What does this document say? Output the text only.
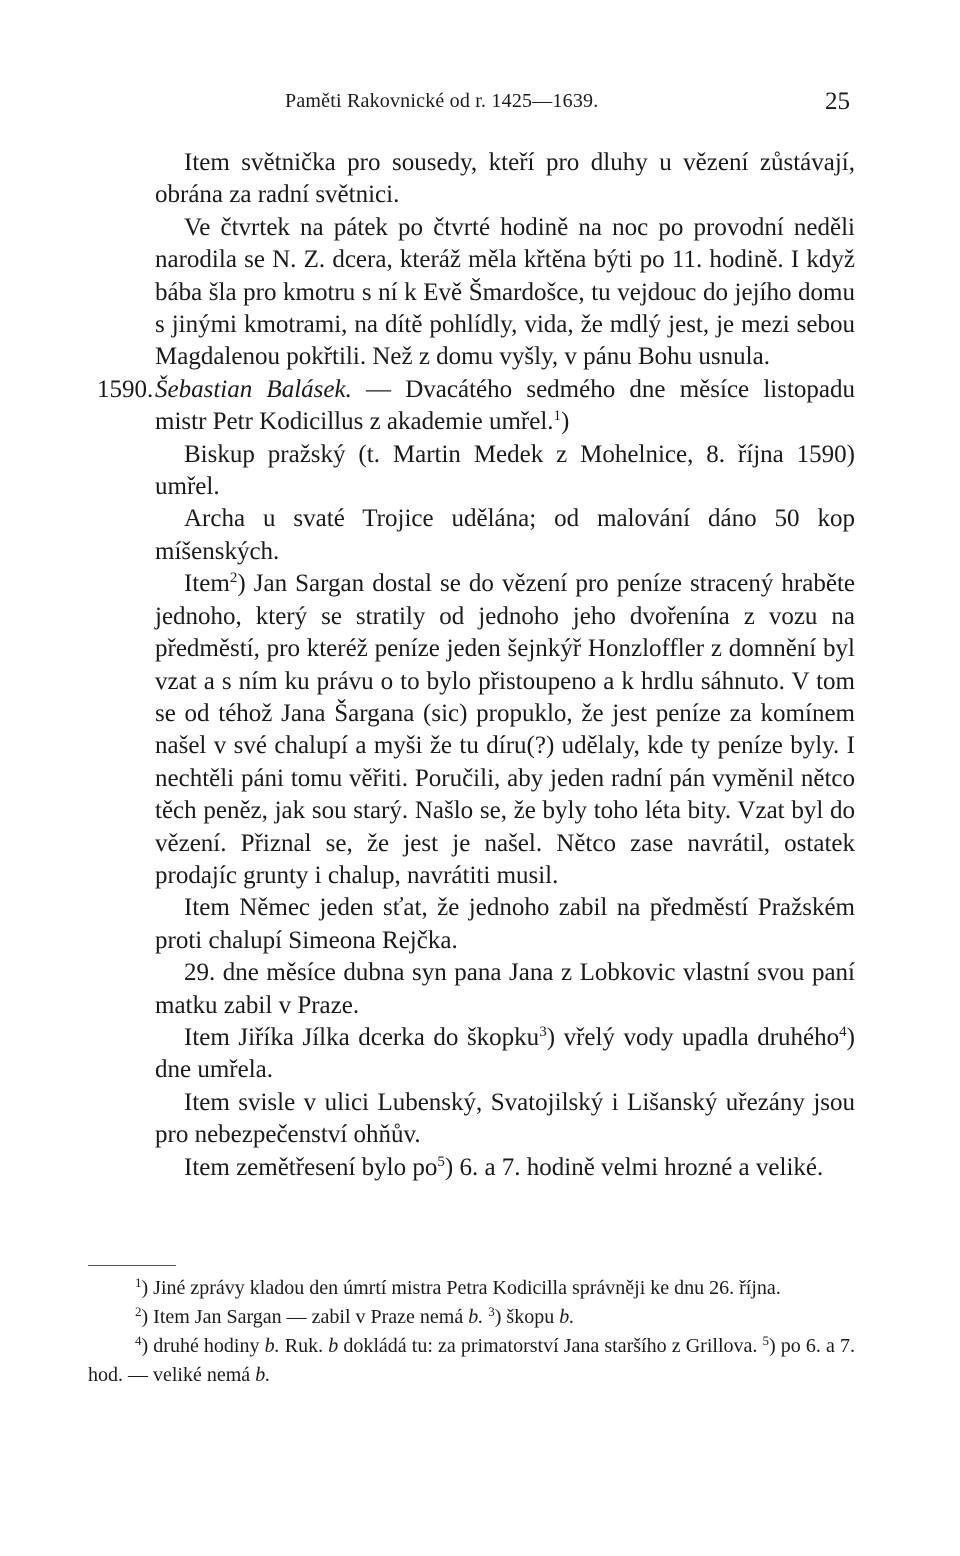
Paměti Rakovnické od r. 1425—1639.	25

Item světnička pro sousedy, kteří pro dluhy u vězení zůstávají, obrána za radní světnici.

Ve čtvrtek na pátek po čtvrté hodině na noc po provodní neděli narodila se N. Z. dcera, kteráž měla křtěna býti po 11. hodině. I když bába šla pro kmotru s ní k Evě Šmardošce, tu vejdouc do jejího domu s jinými kmotrami, na dítě pohlídly, vida, že mdlý jest, je mezi sebou Magdalenou pokřtili. Než z domu vyšly, v pánu Bohu usnula.

1590. Šebastian Balásek. — Dvacátého sedmého dne měsíce listopadu mistr Petr Kodicillus z akademie umřel.$^1$)

Biskup pražský (t. Martin Medek z Mohelnice, 8. října 1590) umřel.

Archa u svaté Trojice udělána; od malování dáno 50 kop míšenských.

Item$^2$) Jan Sargan dostal se do vězení pro peníze stracený hraběte jednoho, který se stratily od jednoho jeho dvořenína z vozu na předměstí, pro kteréž peníze jeden šejnkýř Honzloffler z domnění byl vzat a s ním ku právu o to bylo přistoupeno a k hrdlu sáhnuto. V tom se od téhož Jana Šargana (sic) propuklo, že jest peníze za komínem našel v své chalupí a myši že tu díru(?) udělaly, kde ty peníze byly. I nechtěli páni tomu věřiti. Poručili, aby jeden radní pán vyměnil nětco těch peněz, jak sou starý. Našlo se, že byly toho léta bity. Vzat byl do vězení. Přiznal se, že jest je našel. Nětco zase navrátil, ostatek prodajíc grunty i chalup, navrátiti musil.

Item Němec jeden sťat, že jednoho zabil na předměstí Pražském proti chalupí Simeona Rejčka.

29. dne měsíce dubna syn pana Jana z Lobkovic vlastní svou paní matku zabil v Praze.

Item Jiříka Jílka dcerka do škopku$^3$) vřelý vody upadla druhého$^4$) dne umřela.

Item svisle v ulici Lubenský, Svatojilský i Lišanský uřezány jsou pro nebezpečenství ohňův.

Item zemětřesení bylo $po^5$) 6. a 7. hodině velmi hrozné a veliké.

$^1$) Jiné zprávy kladou den úmrtí mistra Petra Kodicilla správněji ke dnu 26. října.

$^2$) Item Jan Sargan — zabil v Praze nemá b. $^3$) škopu b.

$^4$) druhé hodiny b. Ruk. b dokládá tu: za primatorství Jana staršího z Grillova. $^5$) po 6. a 7. hod. — veliké nemá b.
